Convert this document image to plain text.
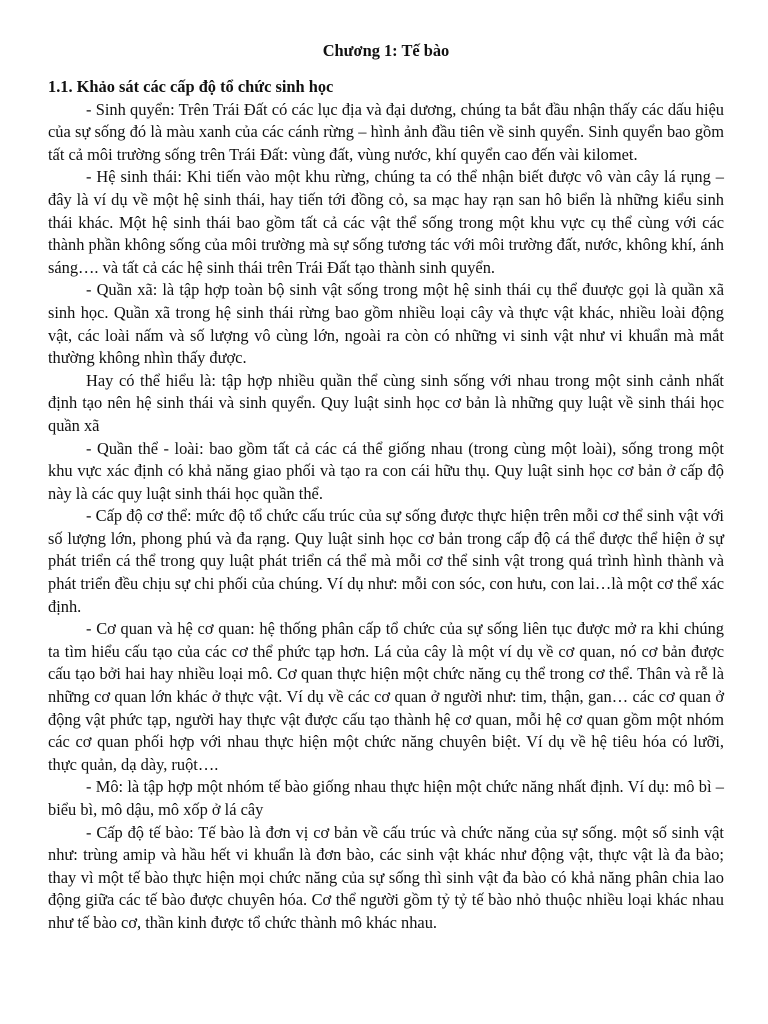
Chương 1: Tế bào
1.1. Khảo sát các cấp độ tổ chức sinh học

- Sinh quyển: Trên Trái Đất có các lục địa và đại dương, chúng ta bắt đầu nhận thấy các dấu hiệu của sự sống đó là màu xanh của các cánh rừng – hình ảnh đầu tiên về sinh quyển. Sinh quyển bao gồm tất cả môi trường sống trên Trái Đất: vùng đất, vùng nước, khí quyển cao đến vài kilomet.

- Hệ sinh thái: Khi tiến vào một khu rừng, chúng ta có thể nhận biết được vô vàn cây lá rụng – đây là ví dụ về một hệ sinh thái, hay tiến tới đồng cỏ, sa mạc hay rạn san hô biển là những kiểu sinh thái khác. Một hệ sinh thái bao gồm tất cả các vật thể sống trong một khu vực cụ thể cùng với các thành phần không sống của môi trường mà sự sống tương tác với môi trường đất, nước, không khí, ánh sáng…. và tất cả các hệ sinh thái trên Trái Đất tạo thành sinh quyển.

- Quần xã: là tập hợp toàn bộ sinh vật sống trong một hệ sinh thái cụ thể đuược gọi là quần xã sinh học. Quần xã trong hệ sinh thái rừng bao gồm nhiều loại cây và thực vật khác, nhiều loài động vật, các loài nấm và số lượng vô cùng lớn, ngoài ra còn có những vi sinh vật như vi khuẩn mà mắt thường không nhìn thấy được.

Hay có thể hiểu là: tập hợp nhiều quần thể cùng sinh sống với nhau trong một sinh cảnh nhất định tạo nên hệ sinh thái và sinh quyển. Quy luật sinh học cơ bản là những quy luật về sinh thái học quần xã

- Quần thể - loài: bao gồm tất cả các cá thể giống nhau (trong cùng một loài), sống trong một khu vực xác định có khả năng giao phối và tạo ra con cái hữu thụ. Quy luật sinh học cơ bản ở cấp độ này là các quy luật sinh thái học quần thể.

- Cấp độ cơ thể: mức độ tổ chức cấu trúc của sự sống được thực hiện trên mỗi cơ thể sinh vật với số lượng lớn, phong phú và đa rạng. Quy luật sinh học cơ bản trong cấp độ cá thể được thể hiện ở sự phát triển cá thể trong quy luật phát triển cá thể mà mỗi cơ thể sinh vật trong quá trình hình thành và phát triển đều chịu sự chi phối của chúng. Ví dụ như: mỗi con sóc, con hưu, con lai…là một cơ thể xác định.

- Cơ quan và hệ cơ quan: hệ thống phân cấp tổ chức của sự sống liên tục được mở ra khi chúng ta tìm hiểu cấu tạo của các cơ thể phức tạp hơn. Lá của cây là một ví dụ về cơ quan, nó cơ bản được cấu tạo bởi hai hay nhiều loại mô. Cơ quan thực hiện một chức năng cụ thể trong cơ thể. Thân và rễ là những cơ quan lớn khác ở thực vật. Ví dụ về các cơ quan ở người như: tim, thận, gan… các cơ quan ở động vật phức tạp, người hay thực vật được cấu tạo thành hệ cơ quan, mỗi hệ cơ quan gồm một nhóm các cơ quan phối hợp với nhau thực hiện một chức năng chuyên biệt. Ví dụ về hệ tiêu hóa có lưỡi, thực quản, dạ dày, ruột….

- Mô: là tập hợp một nhóm tế bào giống nhau thực hiện một chức năng nhất định. Ví dụ: mô bì – biểu bì, mô dậu, mô xốp ở lá cây

- Cấp độ tế bào: Tế bào là đơn vị cơ bản về cấu trúc và chức năng của sự sống. một số sinh vật như: trùng amip và hầu hết vi khuẩn là đơn bào, các sinh vật khác như động vật, thực vật là đa bào; thay vì một tế bào thực hiện mọi chức năng của sự sống thì sinh vật đa bào có khả năng phân chia lao động giữa các tế bào được chuyên hóa. Cơ thể người gồm tỷ tỷ tế bào nhỏ thuộc nhiều loại khác nhau như tế bào cơ, thần kinh được tổ chức thành mô khác nhau.
